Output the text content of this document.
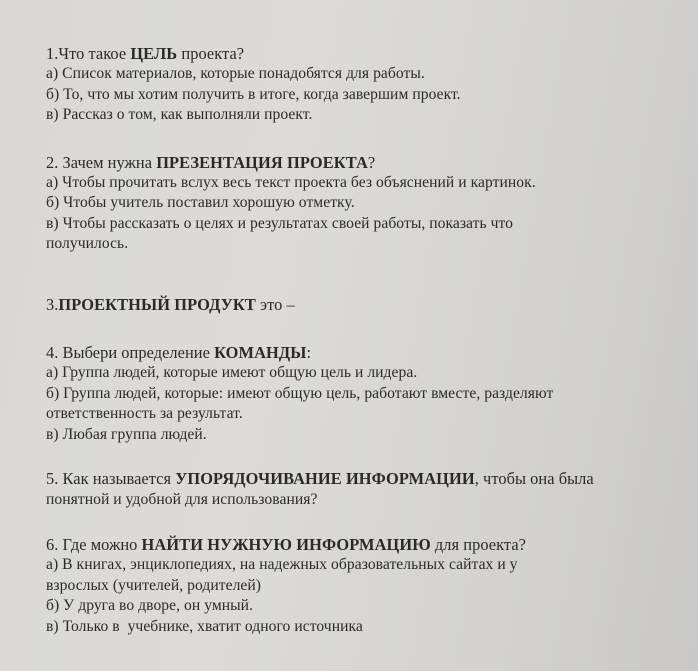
1.Что такое ЦЕЛЬ проекта?
а) Список материалов, которые понадобятся для работы.
б) То, что мы хотим получить в итоге, когда завершим проект.
в) Рассказ о том, как выполняли проект.
2. Зачем нужна ПРЕЗЕНТАЦИЯ ПРОЕКТА?
а) Чтобы прочитать вслух весь текст проекта без объяснений и картинок.
б) Чтобы учитель поставил хорошую отметку.
в) Чтобы рассказать о целях и результатах своей работы, показать что
получилось.
3.ПРОЕКТНЫЙ ПРОДУКТ это –
4. Выбери определение КОМАНДЫ:
а) Группа людей, которые имеют общую цель и лидера.
б) Группа людей, которые: имеют общую цель, работают вместе, разделяют
ответственность за результат.
в) Любая группа людей.
5. Как называется УПОРЯДОЧИВАНИЕ ИНФОРМАЦИИ, чтобы она была
понятной и удобной для использования?
6. Где можно НАЙТИ НУЖНУЮ ИНФОРМАЦИЮ для проекта?
а) В книгах, энциклопедиях, на надежных образовательных сайтах и у
взрослых (учителей, родителей)
б) У друга во дворе, он умный.
в) Только в  учебнике, хватит одного источника
